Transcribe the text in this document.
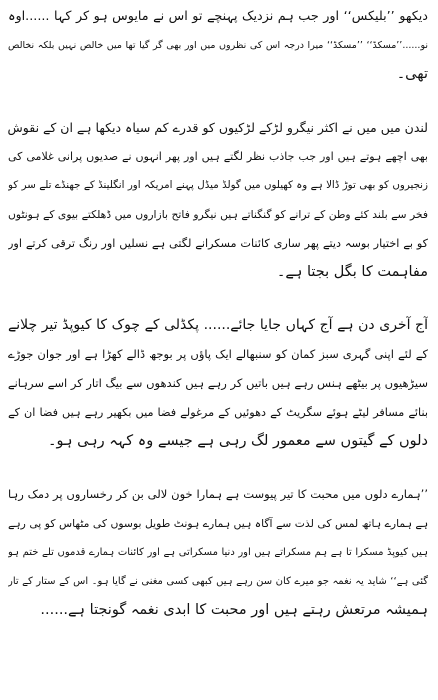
دیکھو ’’بلیکس‘‘ اور جب ہم نزدیک پہنچے تو اس نے مایوس ہو کر کہا ......اوہ
نو......’’مسکڈ‘‘ ’’مسکڈ‘‘ میرا درجہ اس کی نظروں میں اور بھی گر گیا تھا میں خالص نہیں بلکہ نخالص
تھی۔
لندن میں میں نے اکثر نیگرو لڑکے لڑکیوں کو قدرے کم سیاہ دیکھا ہے ان کے نقوش
بھی اچھے ہوتے ہیں اور جب جاذب نظر لگتے ہیں اور پھر انہوں نے صدیوں پرانی غلامی کی
زنجیروں کو بھی توڑ ڈالا ہے وہ کھیلوں میں گولڈ میڈل پہنے امریکہ اور انگلینڈ کے جھنڈے تلے سر کو
فخر سے بلند کئے وطن کے ترانے کو گنگناتے ہیں نیگرو فاتح بازاروں میں ڈھلکتے بیوی کے ہونٹوں
کو بے اختیار بوسہ دیتے پھر ساری کائنات مسکرانے لگتی ہے نسلیں اور رنگ ترقی کرتے اور
مفاہمت کا بگل بجتا ہے۔
آج آخری دن ہے آج کہاں جایا جائے...... پکڈلی کے چوک کا کیوپڈ تیر چلانے
کے لئے اپنی گہری سبز کمان کو سنبھالے ایک پاؤں پر بوجھ ڈالے کھڑا ہے اور جوان جوڑے
سیڑھیوں پر بیٹھے ہنس رہے ہیں باتیں کر رہے ہیں کندھوں سے بیگ اتار کر اسے سرہانے
بنائے مسافر لیٹے ہوئے سگریٹ کے دھوئیں کے مرغولے فضا میں بکھیر رہے ہیں فضا ان کے
دلوں کے گیتوں سے معمور لگ رہی ہے جیسے وہ کہہ رہی ہو۔
’’ہمارے دلوں میں محبت کا تیر پیوست ہے ہمارا خون لالی بن کر رخساروں پر دمک رہا
ہے ہمارے ہاتھ لمس کی لذت سے آگاہ ہیں ہمارے ہونٹ طویل بوسوں کی مٹھاس کو پی رہے
ہیں کیوپڈ مسکرا تا ہے ہم مسکراتے ہیں اور دنیا مسکراتی ہے اور کائنات ہمارے قدموں تلے ختم ہو
گئی ہے‘‘ شاید یہ نغمہ جو میرے کان سن رہے ہیں کبھی کسی مغنی نے گایا ہو۔ اس کے ستار کے تار
ہمیشہ مرتعش رہتے ہیں اور محبت کا ابدی نغمہ گونجتا ہے......
